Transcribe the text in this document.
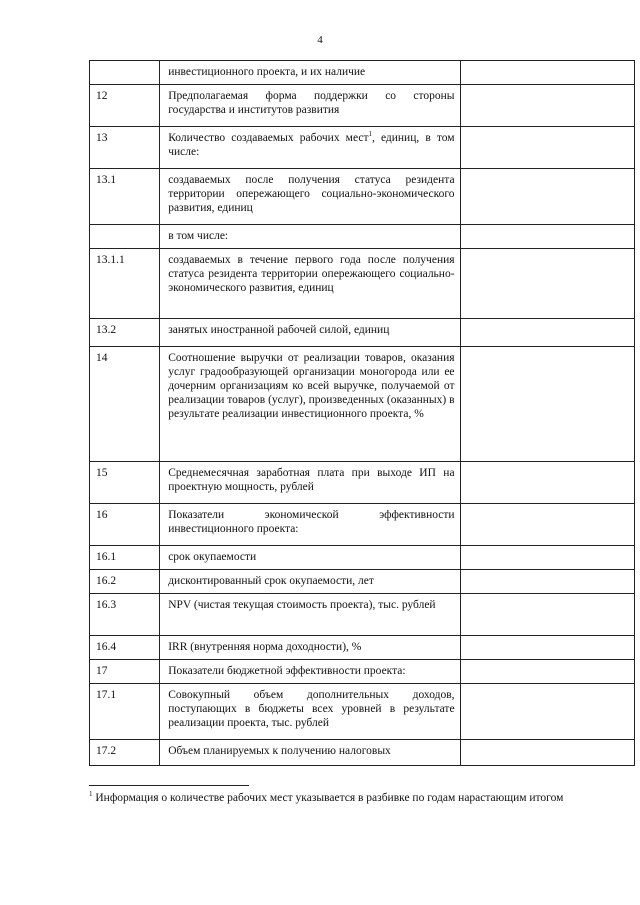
4
	инвестиционного проекта, и их наличие	
12	Предполагаемая форма поддержки со стороны государства и институтов развития	
13	Количество создаваемых рабочих мест$^1$, единиц, в том числе:	
13.1	создаваемых после получения статуса резидента территории опережающего социально-экономического развития, единиц	
	в том числе:	
13.1.1	создаваемых в течение первого года после получения статуса резидента территории опережающего социально-экономического развития, единиц	
13.2	занятых иностранной рабочей силой, единиц	
14	Соотношение выручки от реализации товаров, оказания услуг градообразующей организации моногорода или ее дочерним организациям ко всей выручке, получаемой от реализации товаров (услуг), произведенных (оказанных) в результате реализации инвестиционного проекта, %	
15	Среднемесячная заработная плата при выходе ИП на проектную мощность, рублей	
16	Показатели экономической эффективности инвестиционного проекта:	
16.1	срок окупаемости	
16.2	дисконтированный срок окупаемости, лет	
16.3	NPV (чистая текущая стоимость проекта), тыс. рублей	
16.4	IRR (внутренняя норма доходности), %	
17	Показатели бюджетной эффективности проекта:	
17.1	Совокупный объем дополнительных доходов, поступающих в бюджеты всех уровней в результате реализации проекта, тыс. рублей	
17.2	Объем планируемых к получению налоговых	
$^1$ Информация о количестве рабочих мест указывается в разбивке по годам нарастающим итогом
